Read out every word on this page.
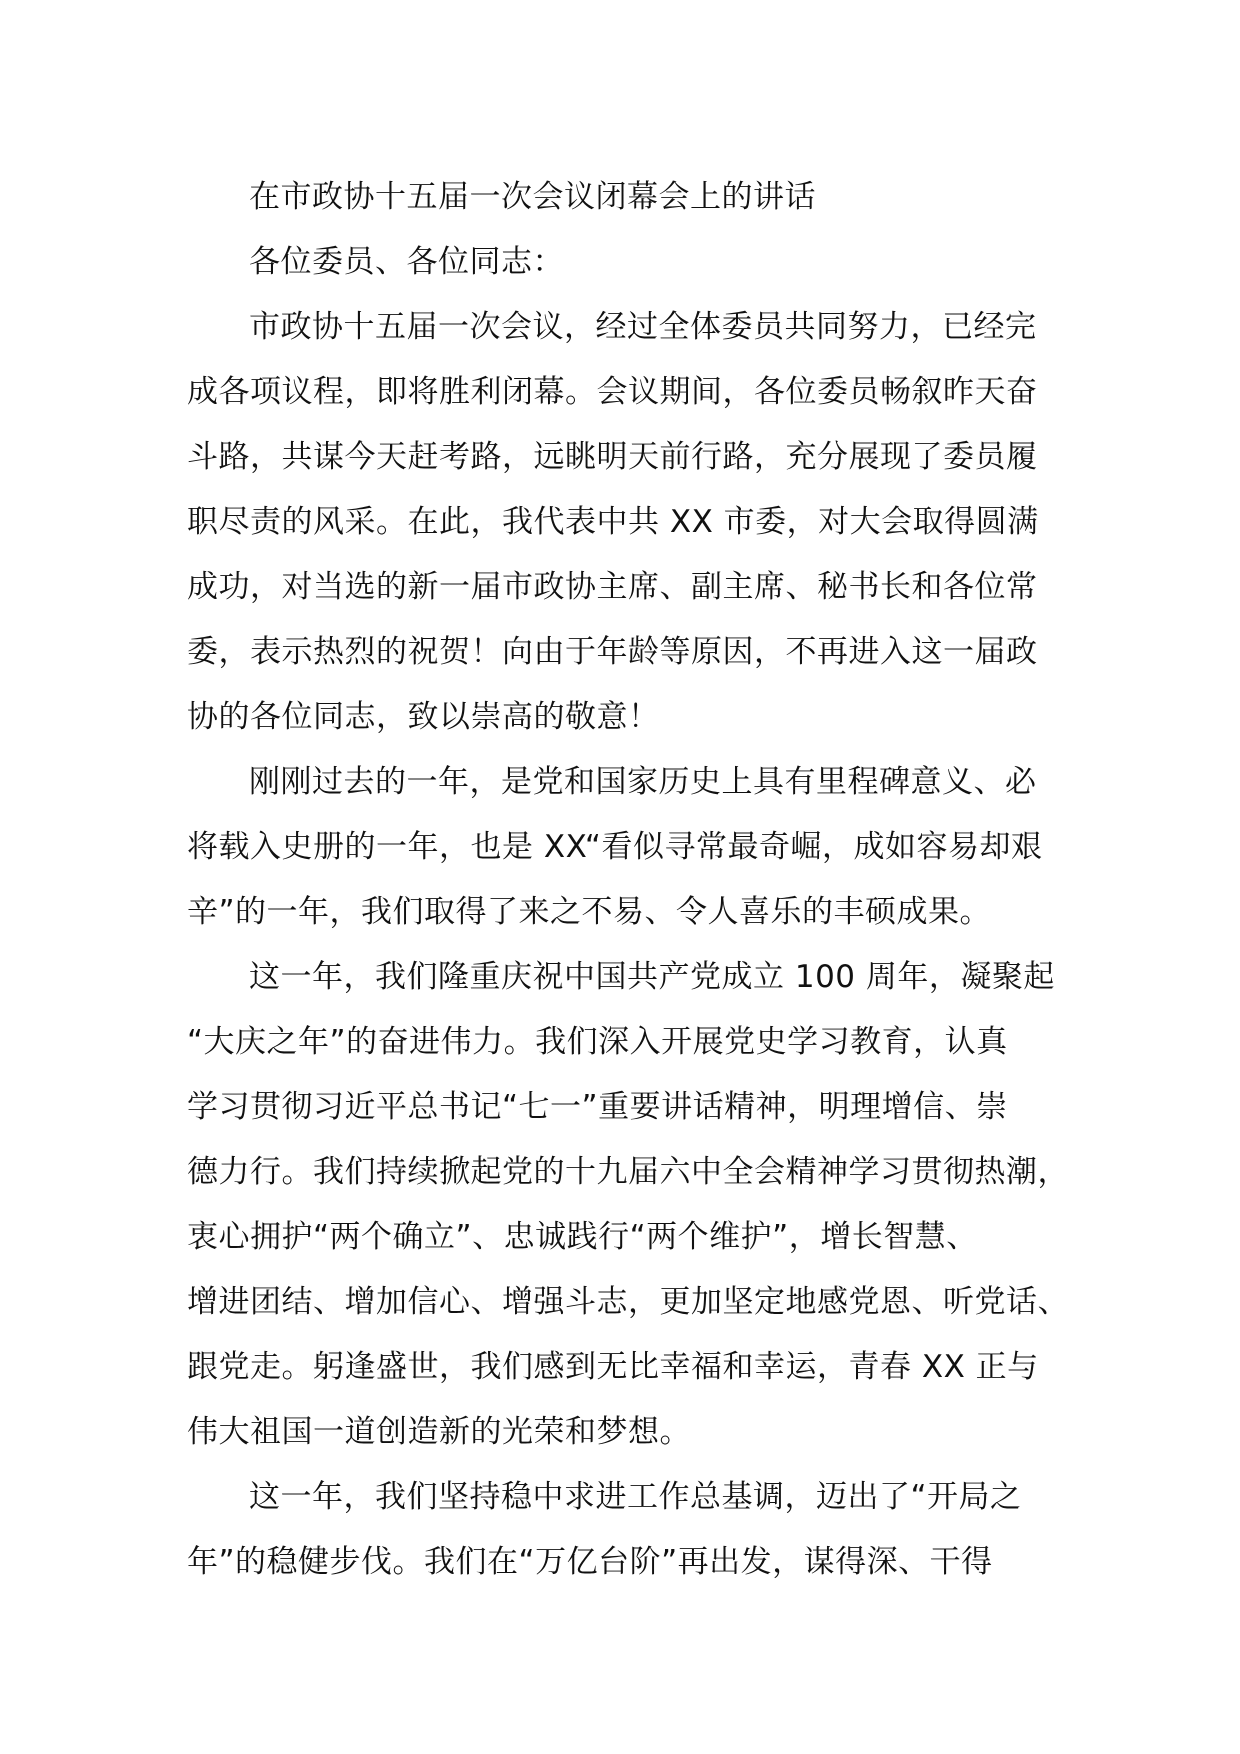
在市政协十五届一次会议闭幕会上的讲话
各位委员、各位同志：
市政协十五届一次会议，经过全体委员共同努力，已经完
成各项议程，即将胜利闭幕。会议期间，各位委员畅叙昨天奋
斗路，共谋今天赶考路，远眺明天前行路，充分展现了委员履
职尽责的风采。在此，我代表中共 XX 市委，对大会取得圆满
成功，对当选的新一届市政协主席、副主席、秘书长和各位常
委，表示热烈的祝贺！向由于年龄等原因，不再进入这一届政
协的各位同志，致以崇高的敬意！
刚刚过去的一年，是党和国家历史上具有里程碑意义、必
将载入史册的一年，也是 XX“看似寻常最奇崛，成如容易却艰
辛”的一年，我们取得了来之不易、令人喜乐的丰硕成果。
这一年，我们隆重庆祝中国共产党成立 100 周年，凝聚起
“大庆之年”的奋进伟力。我们深入开展党史学习教育，认真
学习贯彻习近平总书记“七一”重要讲话精神，明理增信、崇
德力行。我们持续掀起党的十九届六中全会精神学习贯彻热潮，
衷心拥护“两个确立”、忠诚践行“两个维护”，增长智慧、
增进团结、增加信心、增强斗志，更加坚定地感党恩、听党话、
跟党走。躬逢盛世，我们感到无比幸福和幸运，青春 XX 正与
伟大祖国一道创造新的光荣和梦想。
这一年，我们坚持稳中求进工作总基调，迈出了“开局之
年”的稳健步伐。我们在“万亿台阶”再出发，谋得深、干得
